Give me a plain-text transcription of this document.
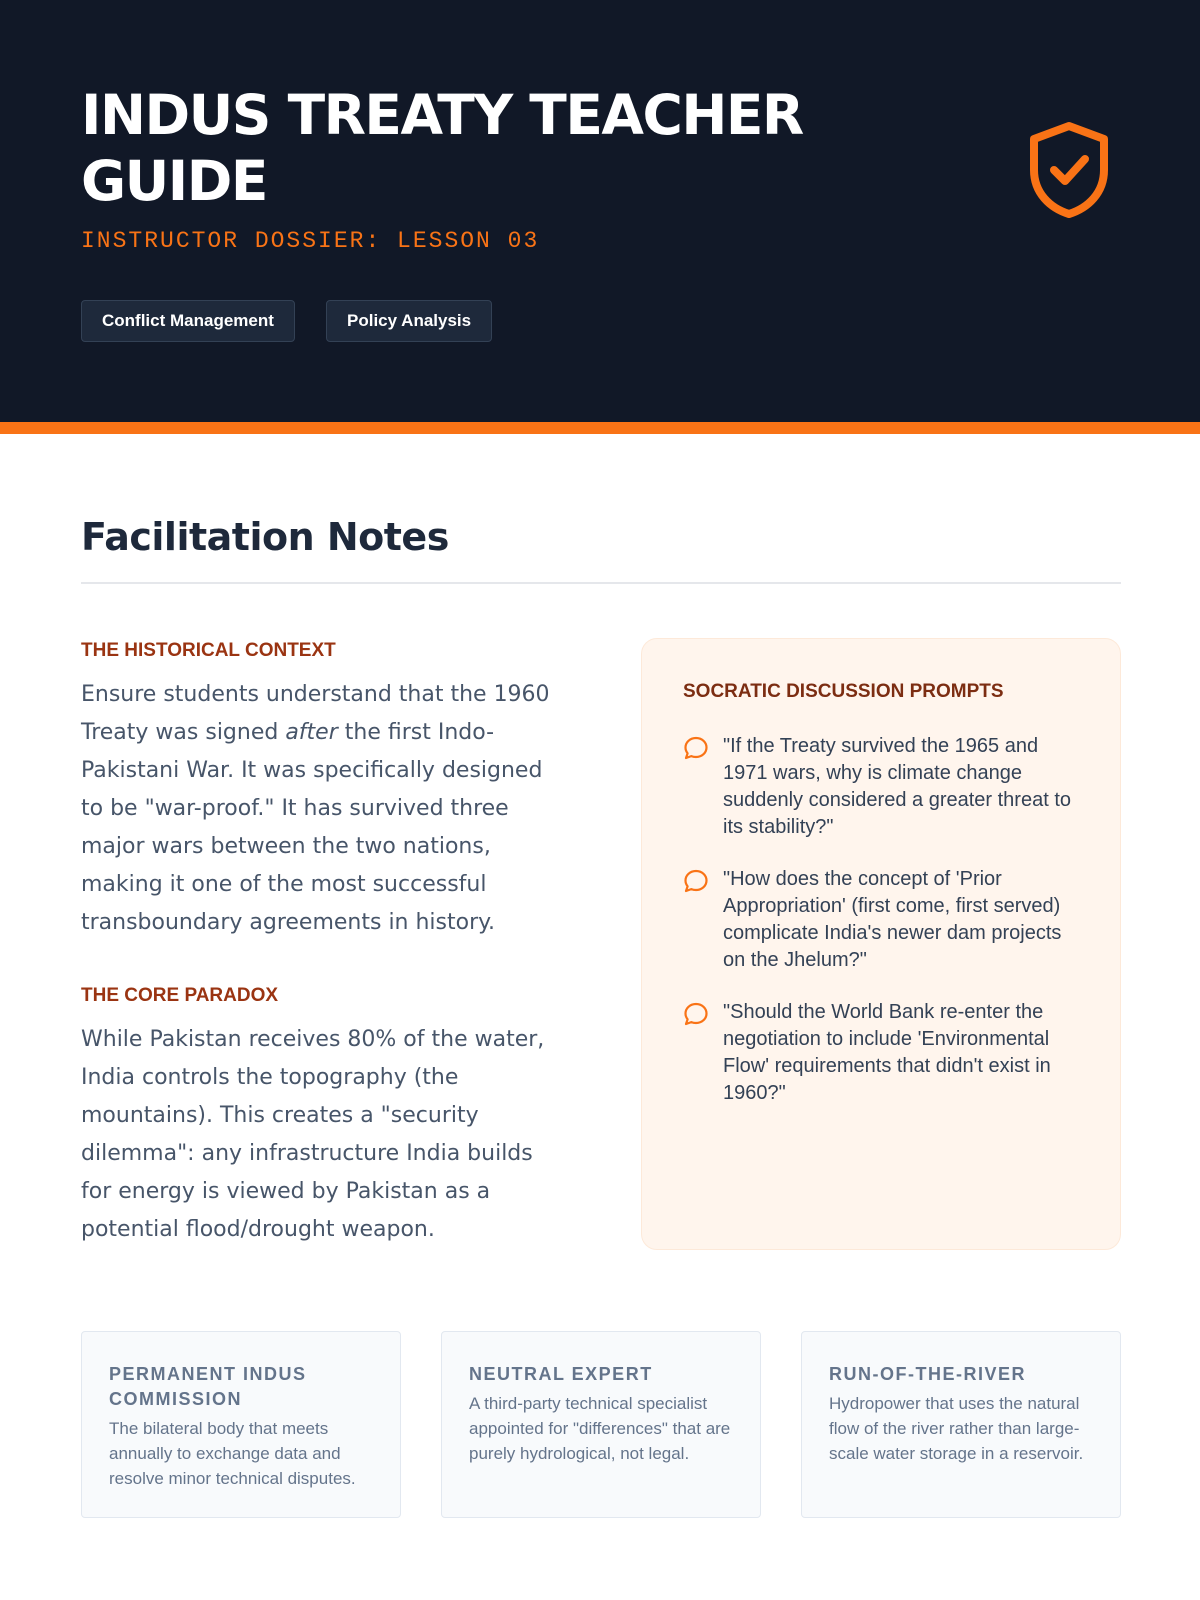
INDUS TREATY TEACHER GUIDE
INSTRUCTOR DOSSIER: LESSON 03
Conflict Management	Policy Analysis
Facilitation Notes
THE HISTORICAL CONTEXT

Ensure students understand that the 1960 Treaty was signed after the first Indo-Pakistani War. It was specifically designed to be "war-proof." It has survived three major wars between the two nations, making it one of the most successful transboundary agreements in history.

THE CORE PARADOX

While Pakistan receives 80% of the water, India controls the topography (the mountains). This creates a "security dilemma": any infrastructure India builds for energy is viewed by Pakistan as a potential flood/drought weapon.

SOCRATIC DISCUSSION PROMPTS
"If the Treaty survived the 1965 and 1971 wars, why is climate change suddenly considered a greater threat to its stability?"
"How does the concept of 'Prior Appropriation' (first come, first served) complicate India's newer dam projects on the Jhelum?"
"Should the World Bank re-enter the negotiation to include 'Environmental Flow' requirements that didn't exist in 1960?"
PERMANENT INDUS COMMISSION
The bilateral body that meets annually to exchange data and resolve minor technical disputes.
NEUTRAL EXPERT
A third-party technical specialist appointed for "differences" that are purely hydrological, not legal.
RUN-OF-THE-RIVER
Hydropower that uses the natural flow of the river rather than large-scale water storage in a reservoir.
